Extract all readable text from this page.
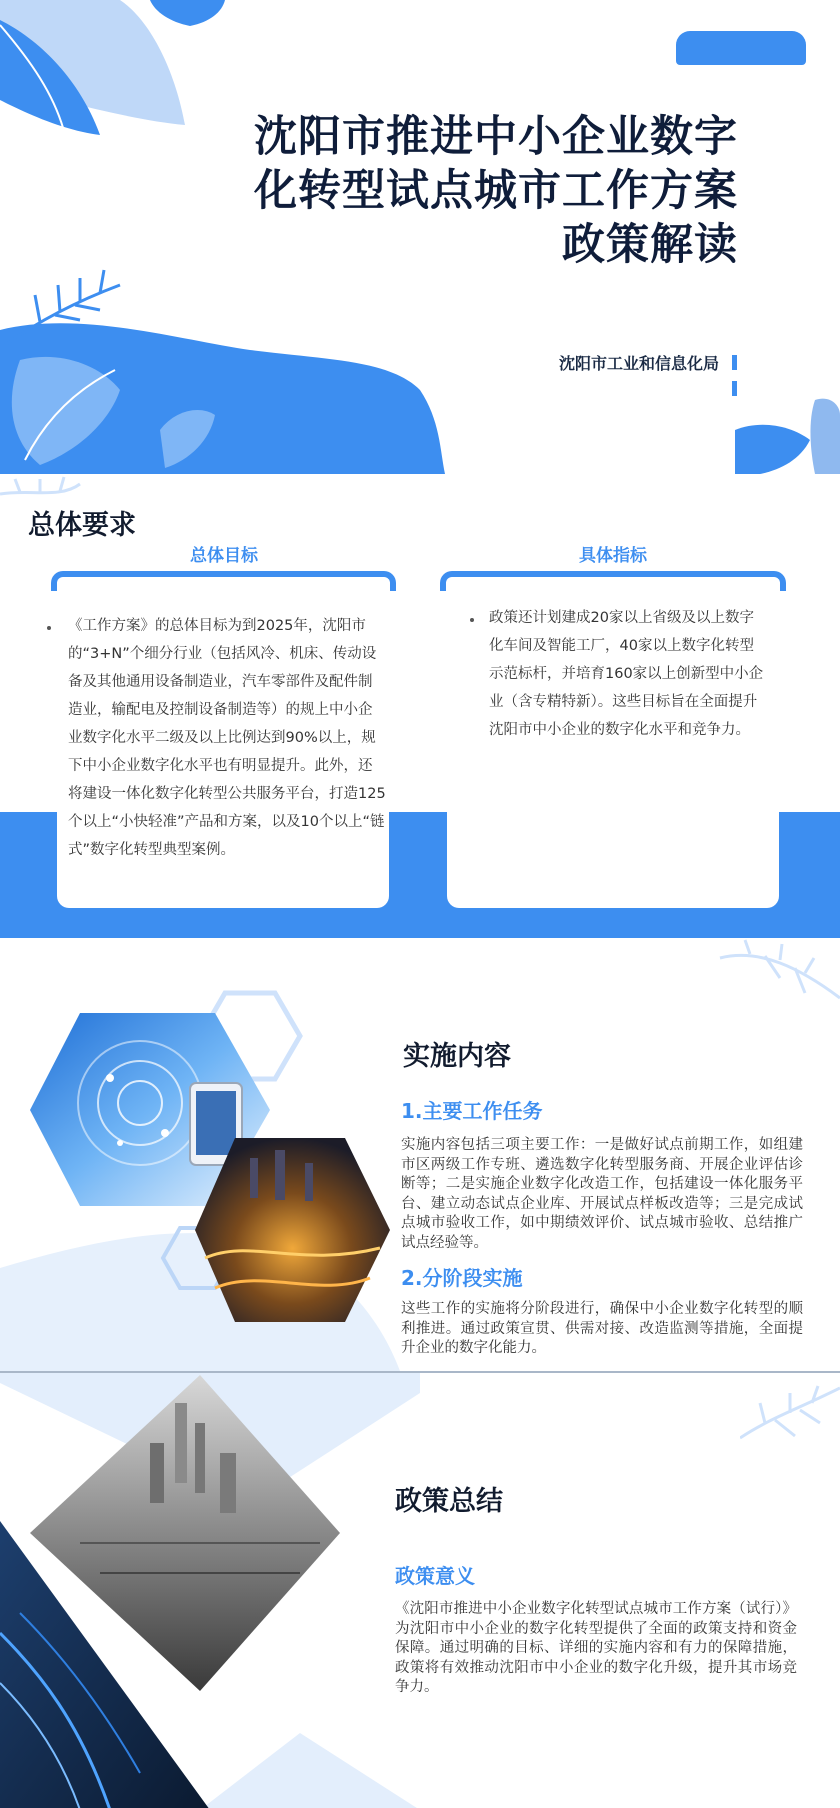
沈阳市推进中小企业数字
化转型试点城市工作方案
政策解读
沈阳市工业和信息化局
总体要求
总体目标
《工作方案》的总体目标为到2025年，沈阳市的“3+N”个细分行业（包括风冷、机床、传动设备及其他通用设备制造业，汽车零部件及配件制造业，输配电及控制设备制造等）的规上中小企业数字化水平二级及以上比例达到90%以上，规下中小企业数字化水平也有明显提升。此外，还将建设一体化数字化转型公共服务平台，打造125个以上“小快轻准”产品和方案，以及10个以上“链式”数字化转型典型案例。
具体指标
政策还计划建成20家以上省级及以上数字化车间及智能工厂，40家以上数字化转型示范标杆，并培育160家以上创新型中小企业（含专精特新）。这些目标旨在全面提升沈阳市中小企业的数字化水平和竞争力。
实施内容
1.主要工作任务
实施内容包括三项主要工作：一是做好试点前期工作，如组建市区两级工作专班、遴选数字化转型服务商、开展企业评估诊断等；二是实施企业数字化改造工作，包括建设一体化服务平台、建立动态试点企业库、开展试点样板改造等；三是完成试点城市验收工作，如中期绩效评价、试点城市验收、总结推广试点经验等。
2.分阶段实施
这些工作的实施将分阶段进行，确保中小企业数字化转型的顺利推进。通过政策宣贯、供需对接、改造监测等措施，全面提升企业的数字化能力。
政策总结
政策意义
《沈阳市推进中小企业数字化转型试点城市工作方案（试行）》为沈阳市中小企业的数字化转型提供了全面的政策支持和资金保障。通过明确的目标、详细的实施内容和有力的保障措施，政策将有效推动沈阳市中小企业的数字化升级，提升其市场竞争力。
